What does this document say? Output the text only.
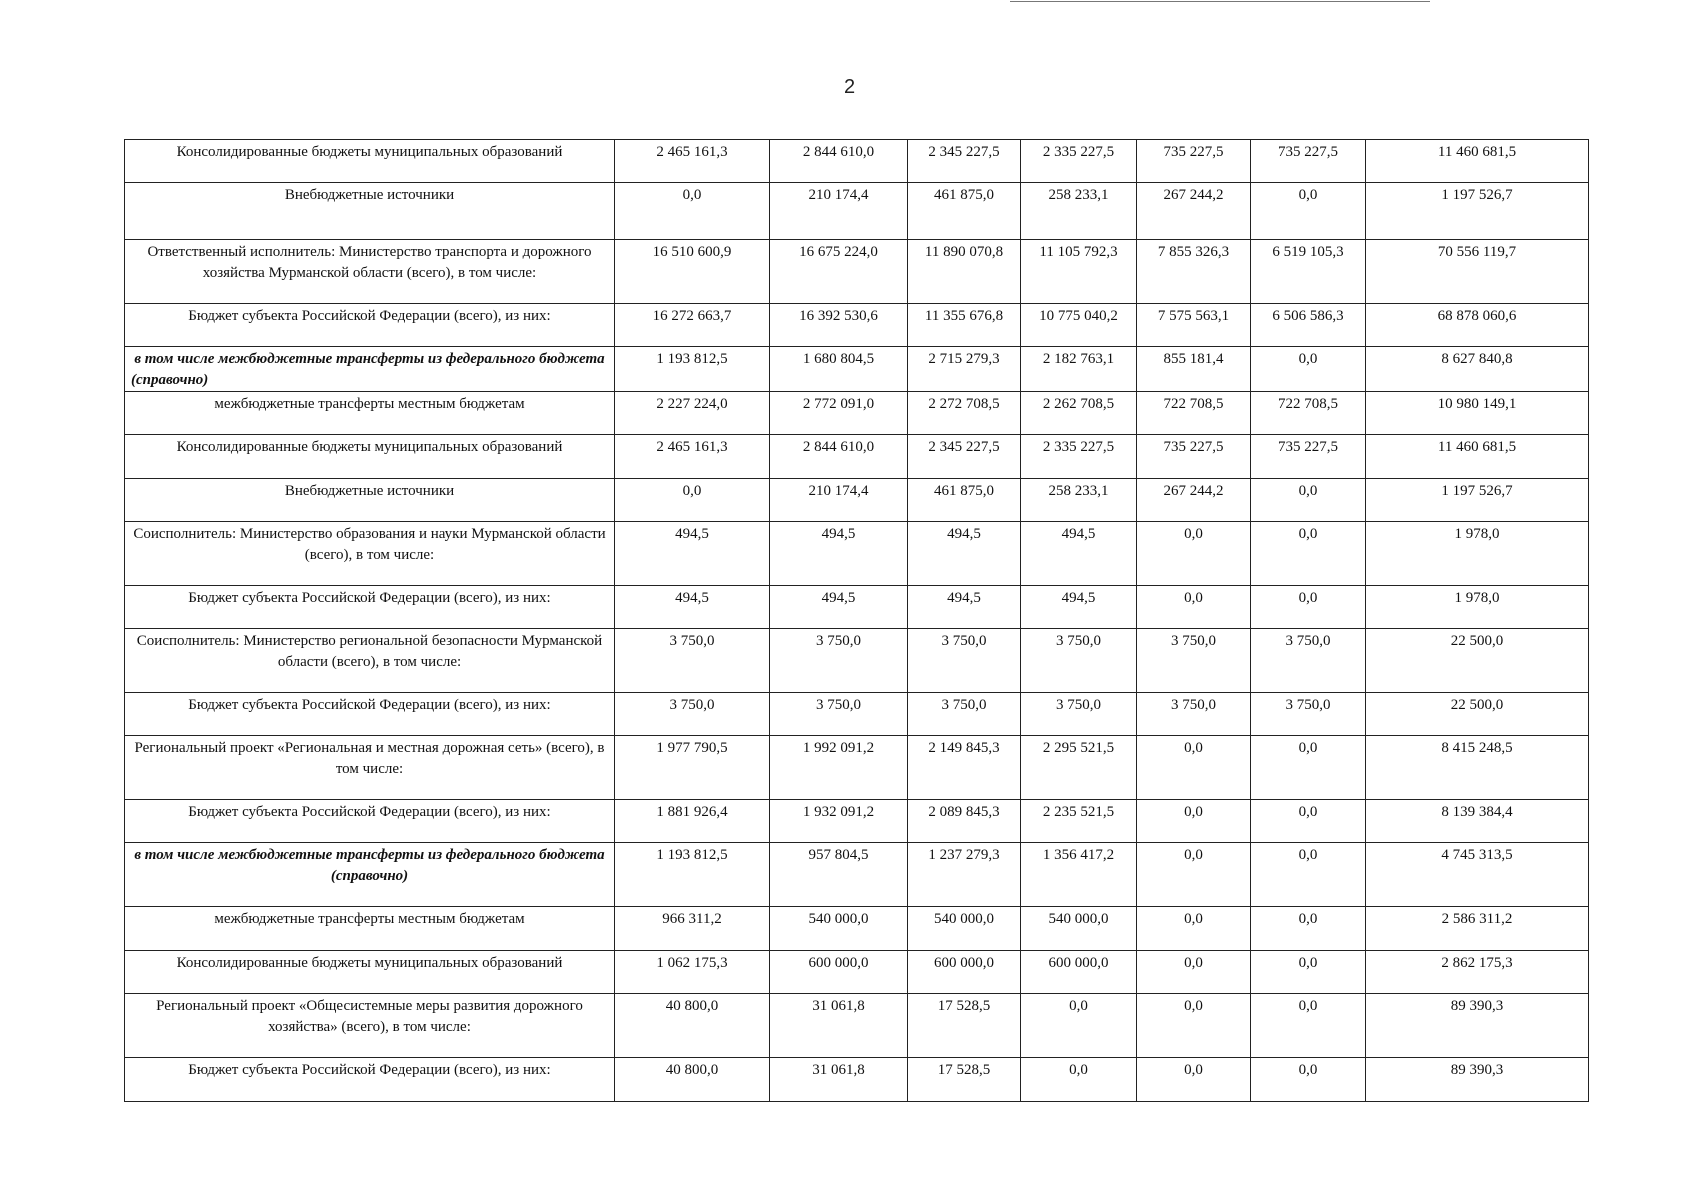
2
Консолидированные бюджеты муниципальных образований	2 465 161,3	2 844 610,0	2 345 227,5	2 335 227,5	735 227,5	735 227,5	11 460 681,5
Внебюджетные источники	0,0	210 174,4	461 875,0	258 233,1	267 244,2	0,0	1 197 526,7
Ответственный исполнитель: Министерство транспорта и дорожного хозяйства Мурманской области (всего), в том числе:	16 510 600,9	16 675 224,0	11 890 070,8	11 105 792,3	7 855 326,3	6 519 105,3	70 556 119,7
Бюджет субъекта Российской Федерации (всего), из них:	16 272 663,7	16 392 530,6	11 355 676,8	10 775 040,2	7 575 563,1	6 506 586,3	68 878 060,6
в том числе межбюджетные трансферты из федерального бюджета (справочно)	1 193 812,5	1 680 804,5	2 715 279,3	2 182 763,1	855 181,4	0,0	8 627 840,8
межбюджетные трансферты местным бюджетам	2 227 224,0	2 772 091,0	2 272 708,5	2 262 708,5	722 708,5	722 708,5	10 980 149,1
Консолидированные бюджеты муниципальных образований	2 465 161,3	2 844 610,0	2 345 227,5	2 335 227,5	735 227,5	735 227,5	11 460 681,5
Внебюджетные источники	0,0	210 174,4	461 875,0	258 233,1	267 244,2	0,0	1 197 526,7
Соисполнитель: Министерство образования и науки Мурманской области (всего), в том числе:	494,5	494,5	494,5	494,5	0,0	0,0	1 978,0
Бюджет субъекта Российской Федерации (всего), из них:	494,5	494,5	494,5	494,5	0,0	0,0	1 978,0
Соисполнитель: Министерство региональной безопасности Мурманской области (всего), в том числе:	3 750,0	3 750,0	3 750,0	3 750,0	3 750,0	3 750,0	22 500,0
Бюджет субъекта Российской Федерации (всего), из них:	3 750,0	3 750,0	3 750,0	3 750,0	3 750,0	3 750,0	22 500,0
Региональный проект «Региональная и местная дорожная сеть» (всего), в том числе:	1 977 790,5	1 992 091,2	2 149 845,3	2 295 521,5	0,0	0,0	8 415 248,5
Бюджет субъекта Российской Федерации (всего), из них:	1 881 926,4	1 932 091,2	2 089 845,3	2 235 521,5	0,0	0,0	8 139 384,4
в том числе межбюджетные трансферты из федерального бюджета (справочно)	1 193 812,5	957 804,5	1 237 279,3	1 356 417,2	0,0	0,0	4 745 313,5
межбюджетные трансферты местным бюджетам	966 311,2	540 000,0	540 000,0	540 000,0	0,0	0,0	2 586 311,2
Консолидированные бюджеты муниципальных образований	1 062 175,3	600 000,0	600 000,0	600 000,0	0,0	0,0	2 862 175,3
Региональный проект «Общесистемные меры развития дорожного хозяйства» (всего), в том числе:	40 800,0	31 061,8	17 528,5	0,0	0,0	0,0	89 390,3
Бюджет субъекта Российской Федерации (всего), из них:	40 800,0	31 061,8	17 528,5	0,0	0,0	0,0	89 390,3
